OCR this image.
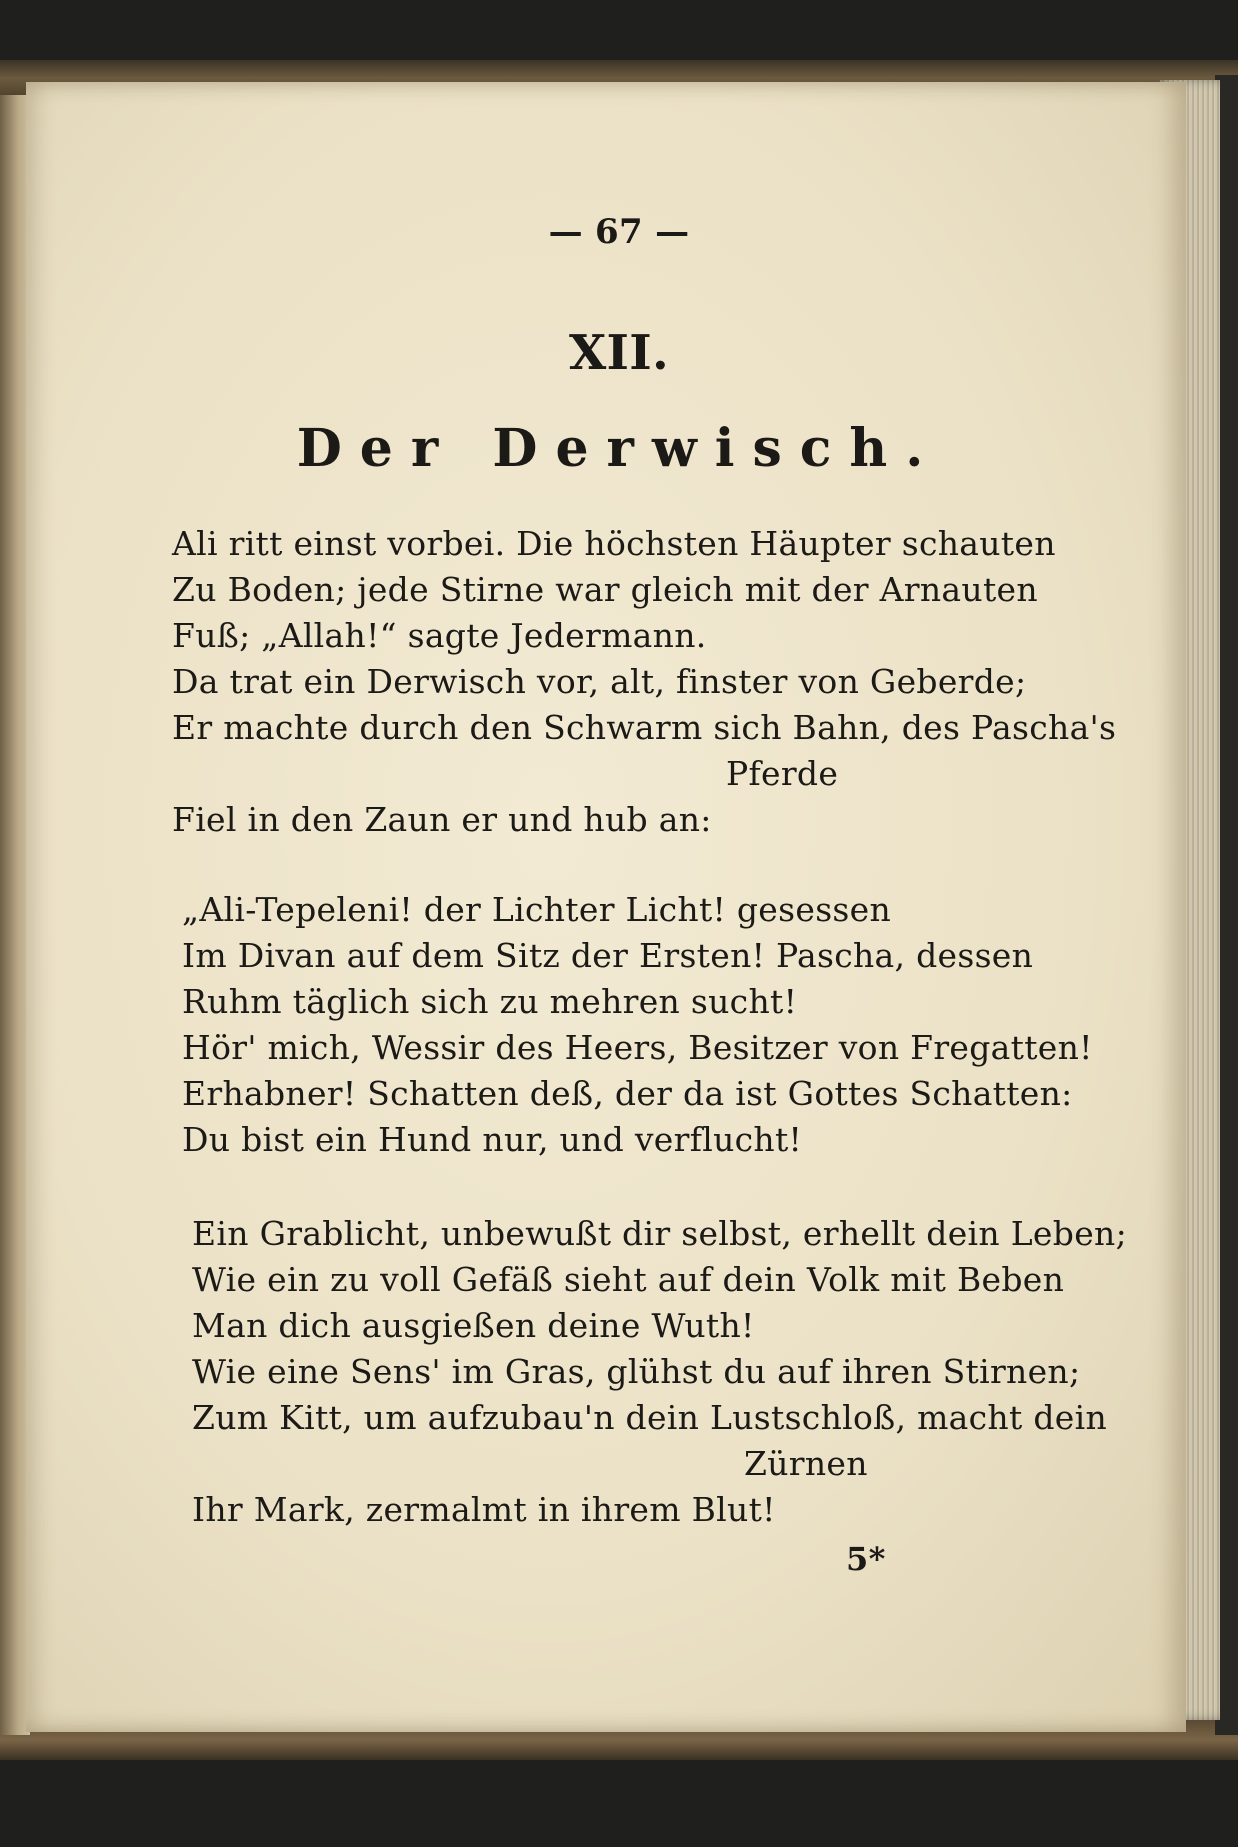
— 67 —
XII.
Der Derwisch.
Ali ritt einst vorbei. Die höchsten Häupter schauten
Zu Boden; jede Stirne war gleich mit der Arnauten
Fuß; „Allah!“ sagte Jedermann.
Da trat ein Derwisch vor, alt, finster von Geberde;
Er machte durch den Schwarm sich Bahn, des Pascha's
Pferde
Fiel in den Zaun er und hub an:
„Ali-Tepeleni! der Lichter Licht! gesessen
Im Divan auf dem Sitz der Ersten! Pascha, dessen
Ruhm täglich sich zu mehren sucht!
Hör' mich, Wessir des Heers, Besitzer von Fregatten!
Erhabner! Schatten deß, der da ist Gottes Schatten:
Du bist ein Hund nur, und verflucht!
Ein Grablicht, unbewußt dir selbst, erhellt dein Leben;
Wie ein zu voll Gefäß sieht auf dein Volk mit Beben
Man dich ausgießen deine Wuth!
Wie eine Sens' im Gras, glühst du auf ihren Stirnen;
Zum Kitt, um aufzubau'n dein Lustschloß, macht dein
Zürnen
Ihr Mark, zermalmt in ihrem Blut!
5*
